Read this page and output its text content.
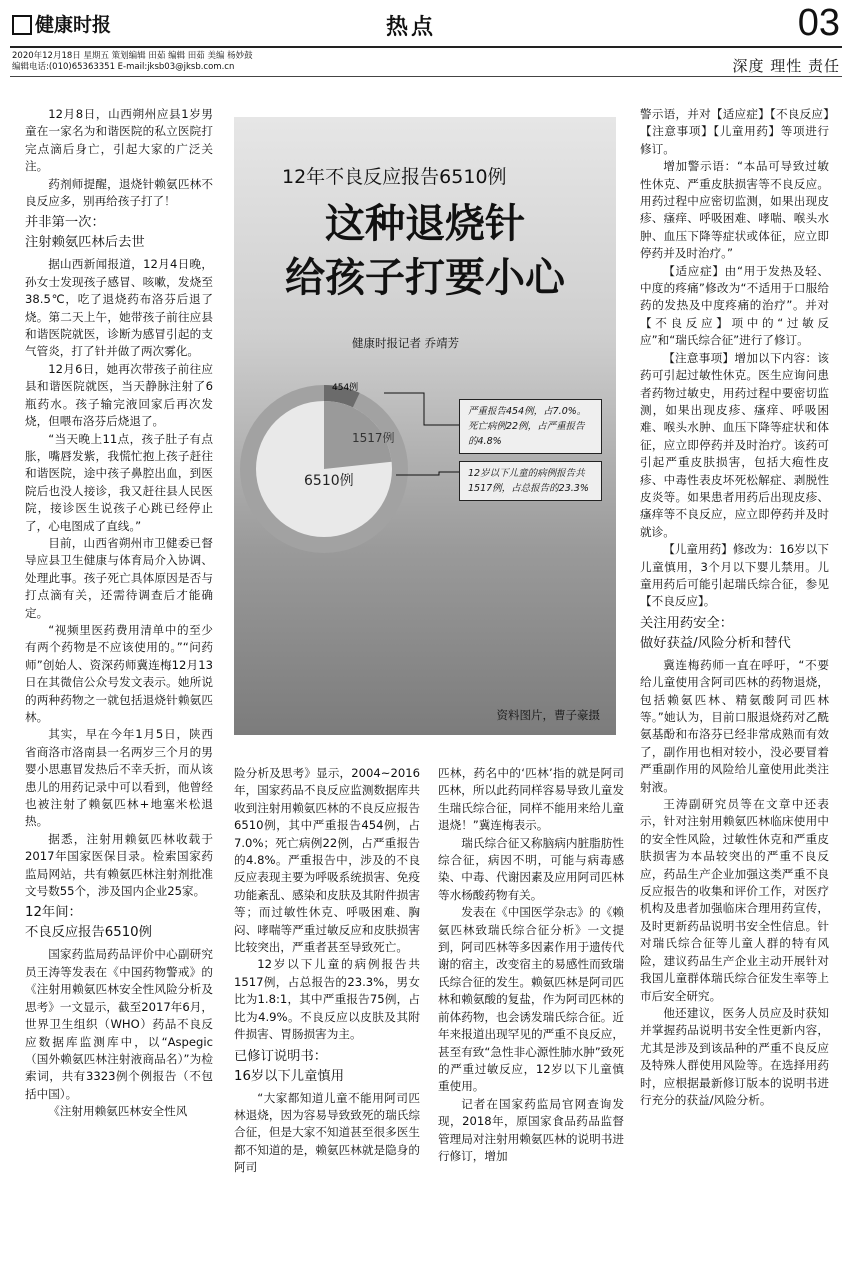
健康时报	热点	03
2020年12月18日 星期五 策划编辑 田茹 编辑 田茹 美编 杨妙鼓
编辑电话:(010)65363351 E-mail:jksb03@jksb.com.cn	深度 理性 责任

12月8日，山西朔州应县1岁男童在一家名为和谐医院的私立医院打完点滴后身亡，引起大家的广泛关注。

药剂师提醒，退烧针赖氨匹林不良反应多，别再给孩子打了！

并非第一次：

注射赖氨匹林后去世

据山西新闻报道，12月4日晚，孙女士发现孩子感冒、咳嗽，发烧至38.5℃，吃了退烧药布洛芬后退了烧。第二天上午，她带孩子前往应县和谐医院就医，诊断为感冒引起的支气管炎，打了针并做了两次雾化。

12月6日，她再次带孩子前往应县和谐医院就医，当天静脉注射了6瓶药水。孩子输完液回家后再次发烧，但喂布洛芬后烧退了。

“当天晚上11点，孩子肚子有点胀，嘴唇发紫，我慌忙抱上孩子赶往和谐医院，途中孩子鼻腔出血，到医院后也没人接诊，我又赶往县人民医院，接诊医生说孩子心跳已经停止了，心电图成了直线。”

目前，山西省朔州市卫健委已督导应县卫生健康与体育局介入协调、处理此事。孩子死亡具体原因是否与打点滴有关，还需待调查后才能确定。

“视频里医药费用清单中的至少有两个药物是不应该使用的。”“问药师”创始人、资深药师冀连梅12月13日在其微信公众号发文表示。她所说的两种药物之一就包括退烧针赖氨匹林。

其实，早在今年1月5日，陕西省商洛市洛南县一名两岁三个月的男婴小思惠冒发热后不幸夭折，而从该患儿的用药记录中可以看到，他曾经也被注射了赖氨匹林+地塞米松退热。

据悉，注射用赖氨匹林收载于2017年国家医保目录。检索国家药监局网站，共有赖氨匹林注射剂批准文号数55个，涉及国内企业25家。

12年间：

不良反应报告6510例

国家药监局药品评价中心副研究员王涛等发表在《中国药物警戒》的《注射用赖氨匹林安全性风险分析及思考》一文显示，截至2017年6月，世界卫生组织（WHO）药品不良反应数据库监测库中，以“Aspegic（国外赖氨匹林注射液商品名）”为检索词，共有3323例个例报告（不包括中国）。

《注射用赖氨匹林安全性风

12年不良反应报告6510例
这种退烧针
给孩子打要小心
健康时报记者 乔靖芳
454例
1517例
6510例
严重报告454例，占7.0%。死亡病例22例，占严重报告的4.8%
12岁以下儿童的病例报告共1517例，占总报告的23.3%
资料图片，曹子豪摄

险分析及思考》显示，2004~2016年，国家药品不良反应监测数据库共收到注射用赖氨匹林的不良反应报告6510例，其中严重报告454例，占7.0%；死亡病例22例，占严重报告的4.8%。严重报告中，涉及的不良反应表现主要为呼吸系统损害、免疫功能紊乱、感染和皮肤及其附件损害等；而过敏性休克、呼吸困难、胸闷、哮喘等严重过敏反应和皮肤损害比较突出，严重者甚至导致死亡。

12岁以下儿童的病例报告共1517例，占总报告的23.3%，男女比为1.8:1，其中严重报告75例，占比为4.9%。不良反应以皮肤及其附件损害、胃肠损害为主。

已修订说明书：

16岁以下儿童慎用

“大家都知道儿童不能用阿司匹林退烧，因为容易导致致死的瑞氏综合征，但是大家不知道甚至很多医生都不知道的是，赖氨匹林就是隐身的阿司

匹林，药名中的‘匹林’指的就是阿司匹林，所以此药同样容易导致儿童发生瑞氏综合征，同样不能用来给儿童退烧！”冀连梅表示。

瑞氏综合征又称脑病内脏脂肪性综合征，病因不明，可能与病毒感染、中毒、代谢因素及应用阿司匹林等水杨酸药物有关。

发表在《中国医学杂志》的《赖氨匹林致瑞氏综合征分析》一文提到，阿司匹林等多因素作用于遗传代谢的宿主，改变宿主的易感性而致瑞氏综合征的发生。赖氨匹林是阿司匹林和赖氨酸的复盐，作为阿司匹林的前体药物，也会诱发瑞氏综合征。近年来报道出现罕见的严重不良反应，甚至有致“急性非心源性肺水肿”致死的严重过敏反应，12岁以下儿童慎重使用。

记者在国家药监局官网查询发现，2018年，原国家食品药品监督管理局对注射用赖氨匹林的说明书进行修订，增加

警示语，并对【适应症】【不良反应】【注意事项】【儿童用药】等项进行修订。

增加警示语：“本品可导致过敏性休克、严重皮肤损害等不良反应。用药过程中应密切监测，如果出现皮疹、瘙痒、呼吸困难、哮喘、喉头水肿、血压下降等症状或体征，应立即停药并及时治疗。”

【适应症】由“用于发热及轻、中度的疼痛”修改为“不适用于口服给药的发热及中度疼痛的治疗”。并对【不良反应】项中的“过敏反应”和“瑞氏综合征”进行了修订。

【注意事项】增加以下内容：该药可引起过敏性休克。医生应询问患者药物过敏史，用药过程中要密切监测，如果出现皮疹、瘙痒、呼吸困难、喉头水肿、血压下降等症状和体征，应立即停药并及时治疗。该药可引起严重皮肤损害，包括大疱性皮疹、中毒性表皮坏死松解症、剥脱性皮炎等。如果患者用药后出现皮疹、瘙痒等不良反应，应立即停药并及时就诊。

【儿童用药】修改为：16岁以下儿童慎用，3个月以下婴儿禁用。儿童用药后可能引起瑞氏综合征，参见【不良反应】。

关注用药安全：

做好获益/风险分析和替代

冀连梅药师一直在呼吁，“不要给儿童使用含阿司匹林的药物退烧，包括赖氨匹林、精氨酸阿司匹林等。”她认为，目前口服退烧药对乙酰氨基酚和布洛芬已经非常成熟而有效了，副作用也相对较小，没必要冒着严重副作用的风险给儿童使用此类注射液。

王涛副研究员等在文章中还表示，针对注射用赖氨匹林临床使用中的安全性风险，过敏性休克和严重皮肤损害为本品较突出的严重不良反应，药品生产企业加强这类严重不良反应报告的收集和评价工作，对医疗机构及患者加强临床合理用药宣传，及时更新药品说明书安全性信息。针对瑞氏综合征等儿童人群的特有风险，建议药品生产企业主动开展针对我国儿童群体瑞氏综合征发生率等上市后安全研究。

他还建议，医务人员应及时获知并掌握药品说明书安全性更新内容，尤其是涉及到该品种的严重不良反应及特殊人群使用风险等。在选择用药时，应根据最新修订版本的说明书进行充分的获益/风险分析。
